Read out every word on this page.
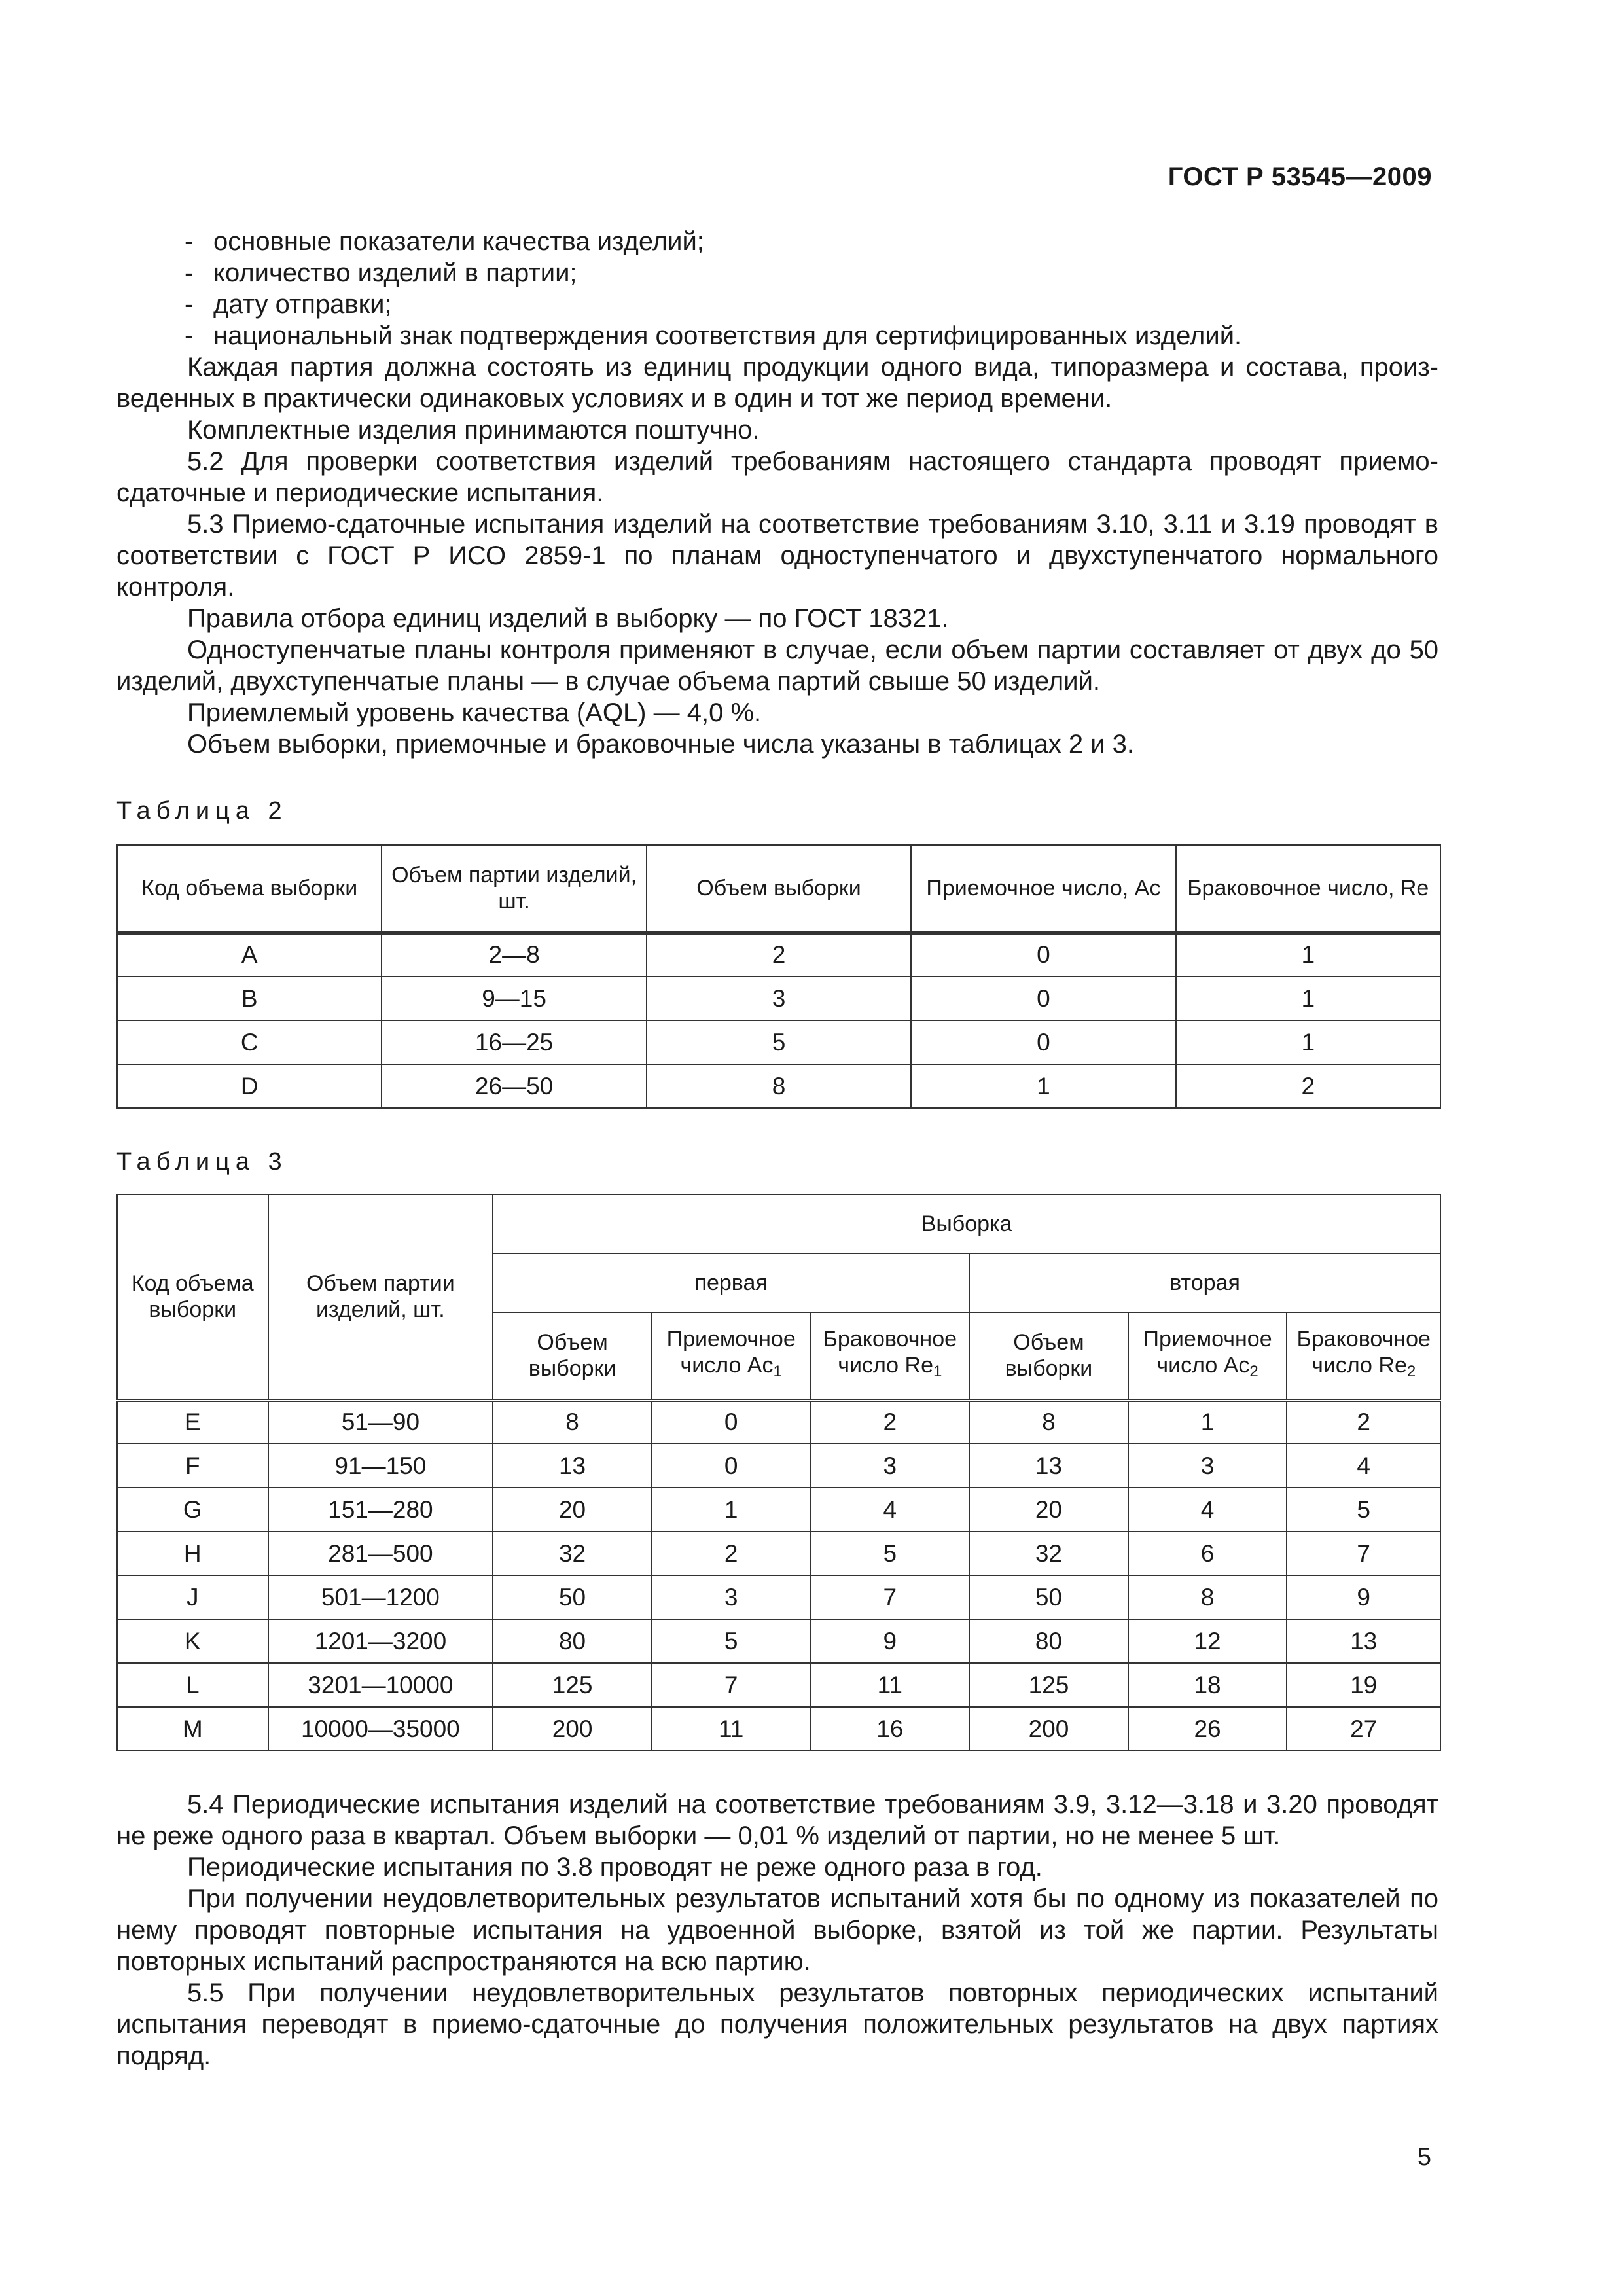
ГОСТ Р 53545—2009

- основные показатели качества изделий;

- количество изделий в партии;

- дату отправки;

- национальный знак подтверждения соответствия для сертифицированных изделий.

Каждая партия должна состоять из единиц продукции одного вида, типоразмера и состава, произведенных в практически одинаковых условиях и в один и тот же период времени.

Комплектные изделия принимаются поштучно.

5.2 Для проверки соответствия изделий требованиям настоящего стандарта проводят приемосдаточные и периодические испытания.

5.3 Приемо-сдаточные испытания изделий на соответствие требованиям 3.10, 3.11 и 3.19 проводят в соответствии с ГОСТ Р ИСО 2859-1 по планам одноступенчатого и двухступенчатого нормального контроля.

Правила отбора единиц изделий в выборку — по ГОСТ 18321.

Одноступенчатые планы контроля применяют в случае, если объем партии составляет от двух до 50 изделий, двухступенчатые планы — в случае объема партий свыше 50 изделий.

Приемлемый уровень качества (AQL) — 4,0 %.

Объем выборки, приемочные и браковочные числа указаны в таблицах 2 и 3.

Таблица 2
Код объема выборки	Объем партии изделий, шт.	Объем выборки	Приемочное число, Ac	Браковочное число, Re
A	2—8	2	0	1
B	9—15	3	0	1
C	16—25	5	0	1
D	26—50	8	1	2
Таблица 3
Код объема выборки	Объем партии изделий, шт.	Выборка					
		первая			вторая		
		Объем выборки	Приемочное число $Ac_1$	Браковочное число $Re_1$	Объем выборки	Приемочное число $Ac_2$	Браковочное число $Re_2$
E	51—90	8	0	2	8	1	2
F	91—150	13	0	3	13	3	4
G	151—280	20	1	4	20	4	5
H	281—500	32	2	5	32	6	7
J	501—1200	50	3	7	50	8	9
K	1201—3200	80	5	9	80	12	13
L	3201—10000	125	7	11	125	18	19
M	10000—35000	200	11	16	200	26	27

5.4 Периодические испытания изделий на соответствие требованиям 3.9, 3.12—3.18 и 3.20 проводят не реже одного раза в квартал. Объем выборки — 0,01 % изделий от партии, но не менее 5 шт.

Периодические испытания по 3.8 проводят не реже одного раза в год.

При получении неудовлетворительных результатов испытаний хотя бы по одному из показателей по нему проводят повторные испытания на удвоенной выборке, взятой из той же партии. Результаты повторных испытаний распространяются на всю партию.

5.5 При получении неудовлетворительных результатов повторных периодических испытаний испытания переводят в приемо-сдаточные до получения положительных результатов на двух партиях подряд.

5
